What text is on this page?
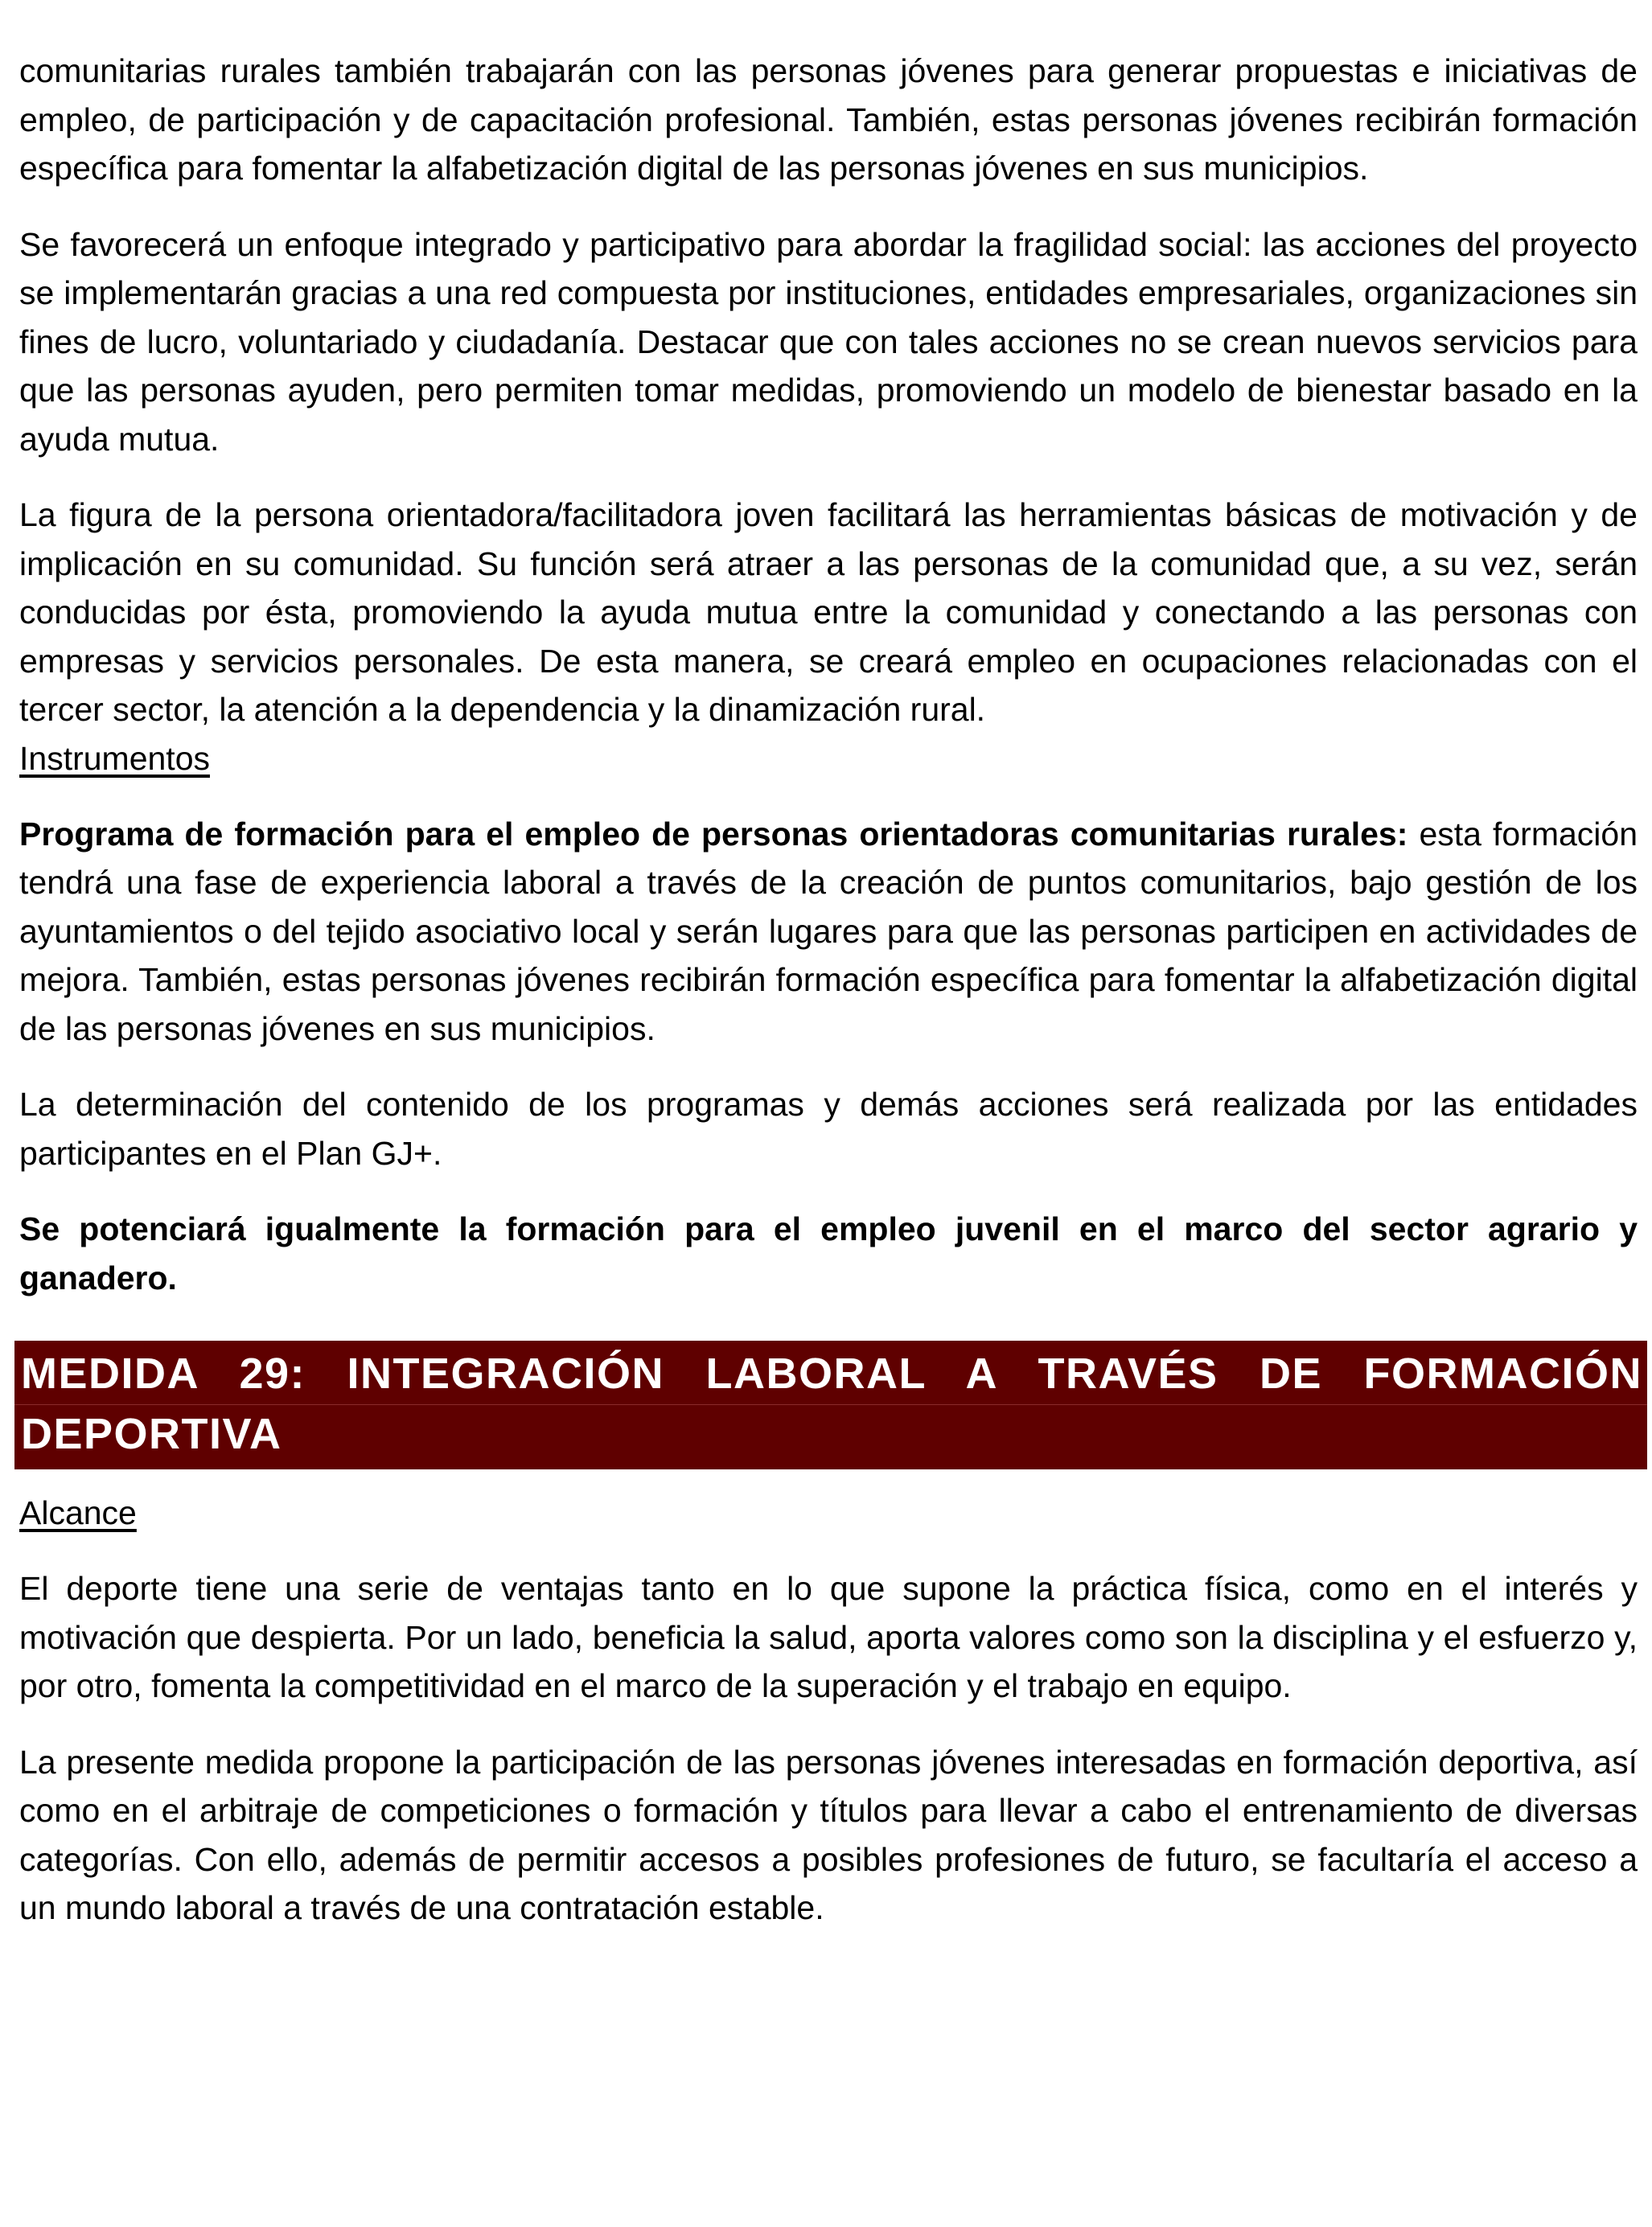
comunitarias rurales también trabajarán con las personas jóvenes para generar propuestas e iniciativas de empleo, de participación y de capacitación profesional. También, estas personas jóvenes recibirán formación específica para fomentar la alfabetización digital de las personas jóvenes en sus municipios.

Se favorecerá un enfoque integrado y participativo para abordar la fragilidad social: las acciones del proyecto se implementarán gracias a una red compuesta por instituciones, entidades empresariales, organizaciones sin fines de lucro, voluntariado y ciudadanía. Destacar que con tales acciones no se crean nuevos servicios para que las personas ayuden, pero permiten tomar medidas, promoviendo un modelo de bienestar basado en la ayuda mutua.

La figura de la persona orientadora/facilitadora joven facilitará las herramientas básicas de motivación y de implicación en su comunidad. Su función será atraer a las personas de la comunidad que, a su vez, serán conducidas por ésta, promoviendo la ayuda mutua entre la comunidad y conectando a las personas con empresas y servicios personales. De esta manera, se creará empleo en ocupaciones relacionadas con el tercer sector, la atención a la dependencia y la dinamización rural.

Instrumentos

Programa de formación para el empleo de personas orientadoras comunitarias rurales: esta formación tendrá una fase de experiencia laboral a través de la creación de puntos comunitarios, bajo gestión de los ayuntamientos o del tejido asociativo local y serán lugares para que las personas participen en actividades de mejora. También, estas personas jóvenes recibirán formación específica para fomentar la alfabetización digital de las personas jóvenes en sus municipios.

La determinación del contenido de los programas y demás acciones será realizada por las entidades participantes en el Plan GJ+.

Se potenciará igualmente la formación para el empleo juvenil en el marco del sector agrario y ganadero.

MEDIDA 29: INTEGRACIÓN LABORAL A TRAVÉS DE FORMACIÓN DEPORTIVA
Alcance

El deporte tiene una serie de ventajas tanto en lo que supone la práctica física, como en el interés y motivación que despierta. Por un lado, beneficia la salud, aporta valores como son la disciplina y el esfuerzo y, por otro, fomenta la competitividad en el marco de la superación y el trabajo en equipo.

La presente medida propone la participación de las personas jóvenes interesadas en formación deportiva, así como en el arbitraje de competiciones o formación y títulos para llevar a cabo el entrenamiento de diversas categorías. Con ello, además de permitir accesos a posibles profesiones de futuro, se facultaría el acceso a un mundo laboral a través de una contratación estable.
